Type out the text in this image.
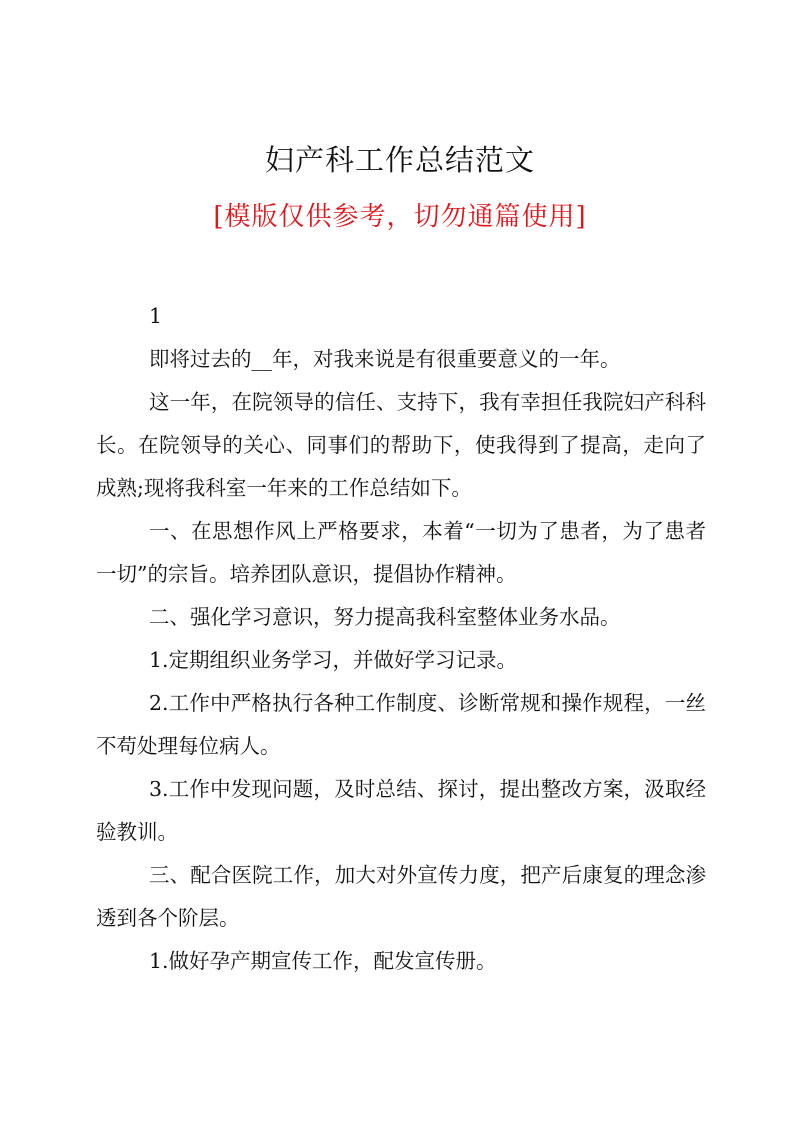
妇产科工作总结范文
[模版仅供参考，切勿通篇使用]

1

即将过去的__年，对我来说是有很重要意义的一年。

这一年，在院领导的信任、支持下，我有幸担任我院妇产科科长。在院领导的关心、同事们的帮助下，使我得到了提高，走向了成熟;现将我科室一年来的工作总结如下。

一、在思想作风上严格要求，本着“一切为了患者，为了患者一切”的宗旨。培养团队意识，提倡协作精神。

二、强化学习意识，努力提高我科室整体业务水品。

1.定期组织业务学习，并做好学习记录。

2.工作中严格执行各种工作制度、诊断常规和操作规程，一丝不苟处理每位病人。

3.工作中发现问题，及时总结、探讨，提出整改方案，汲取经验教训。

三、配合医院工作，加大对外宣传力度，把产后康复的理念渗透到各个阶层。

1.做好孕产期宣传工作，配发宣传册。
